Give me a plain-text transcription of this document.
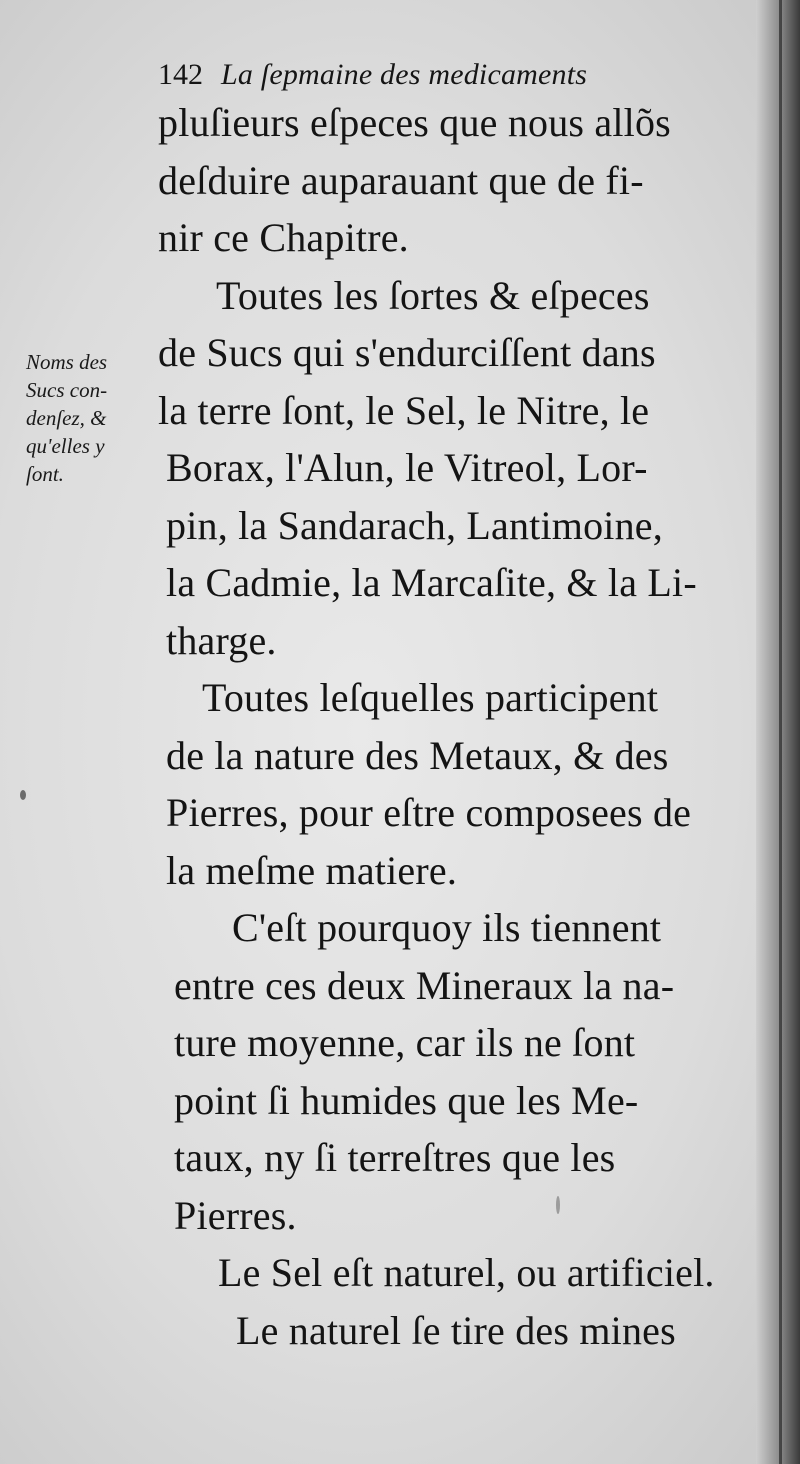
142 La ſepmaine des medicaments
Noms des
Sucs con-
denſez, &
qu'elles y
ſont.
pluſieurs eſpeces que nous allõs
deſduire auparauant que de fi-
nir ce Chapitre.
Toutes les ſortes & eſpeces
de Sucs qui s'endurciſſent dans
la terre ſont, le Sel, le Nitre, le
Borax, l'Alun, le Vitreol, Lor-
pin, la Sandarach, Lantimoine,
la Cadmie, la Marcaſite, & la Li-
tharge.
Toutes leſquelles participent
de la nature des Metaux, & des
Pierres, pour eſtre composees de
la meſme matiere.
C'eſt pourquoy ils tiennent
entre ces deux Mineraux la na-
ture moyenne, car ils ne ſont
point ſi humides que les Me-
taux, ny ſi terreſtres que les
Pierres.
Le Sel eſt naturel, ou artificiel.
Le naturel ſe tire des mines
